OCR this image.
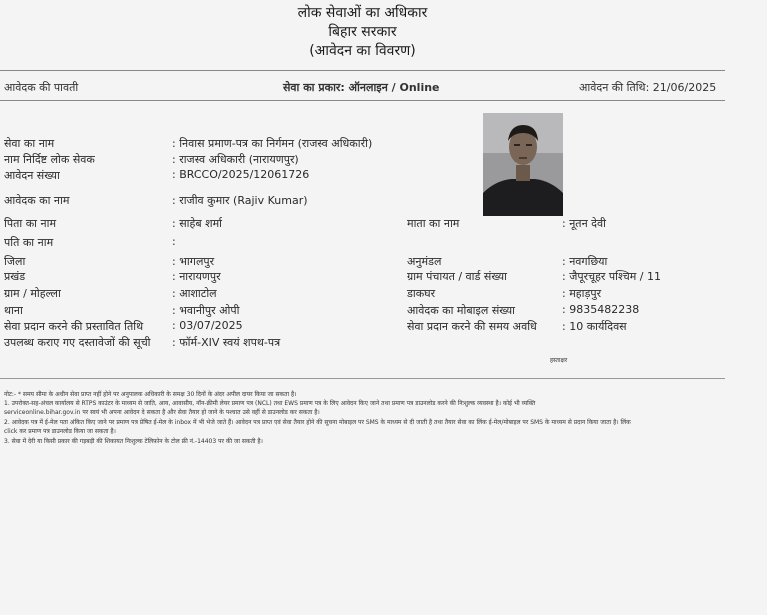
लोक सेवाओं का अधिकार
बिहार सरकार
(आवेदन का विवरण)
आवेदक की पावती	सेवा का प्रकार: ऑनलाइन / Online	आवेदन की तिथि: 21/06/2025
सेवा का नाम	: निवास प्रमाण-पत्र का निर्गमन (राजस्व अधिकारी)
नाम निर्दिष्ट लोक सेवक	: राजस्व अधिकारी (नारायणपुर)
आवेदन संख्या	: BRCCO/2025/12061726
आवेदक का नाम	: राजीव कुमार (Rajiv Kumar)
पिता का नाम	: साहेब शर्मा
पति का नाम	:
जिला	: भागलपुर
प्रखंड	: नारायणपुर
ग्राम / मोहल्ला	: आशाटोल
थाना	: भवानीपुर ओपी
सेवा प्रदान करने की प्रस्तावित तिथि	: 03/07/2025
उपलब्ध कराए गए दस्तावेजों की सूची : फॉर्म-XIV स्वयं शपथ-पत्र
माता का नाम	: नूतन देवी
अनुमंडल	: नवगछिया
ग्राम पंचायत / वार्ड संख्या	: जैपूरचूहर पश्चिम / 11
डाकघर	: महाड़पुर
आवेदक का मोबाइल संख्या	: 9835482238
सेवा प्रदान करने की समय अवधि : 10 कार्यदिवस
हस्ताक्षर
नोट:- * समय सीमा के अधीन सेवा प्राप्त नहीं होने पर अनुपालक अधिकारी के समक्ष 30 दिनों के अंदर अपील दायर किया जा सकता है।
1. उपरोक्त-सह-अंचल कार्यालय से RTPS काउंटर के माध्यम से जाति, आय, आवासीय, नॉन-क्रीमी लेयर प्रमाण पत्र (NCL) तथा EWS प्रमाण पत्र के लिए आवेदन किए जाने तथा प्रमाण पत्र डाउनलोड करने की निःशुल्क व्यवस्था है। कोई भी व्यक्ति
serviceonline.bihar.gov.in पर स्वयं भी अपना आवेदन दे सकता है और सेवा तैयार हो जाने के पश्चात उसे वहीं से डाउनलोड कर सकता है।
2. आवेदक पत्र में ई-मेल पता अंकित किए जाने पर प्रमाण पत्र प्रेषित ई-मेल के inbox में भी भेजे जाते हैं। आवेदन पत्र प्राप्त एवं सेवा तैयार होने की सूचना मोबाइल पर SMS के माध्यम से दी जाती है तथा तैयार सेवा का लिंक ई-मेल/मोबाइल पर SMS के माध्यम से प्रदान किया जाता है। लिंक
click कर प्रमाण पत्र डाउनलोड किया जा सकता है।
3. सेवा में देरी या किसी प्रकार की गड़बड़ी की शिकायत निःशुल्क टेलिफ़ोन के टोल फ्री नं.-14403 पर की जा सकती है।
